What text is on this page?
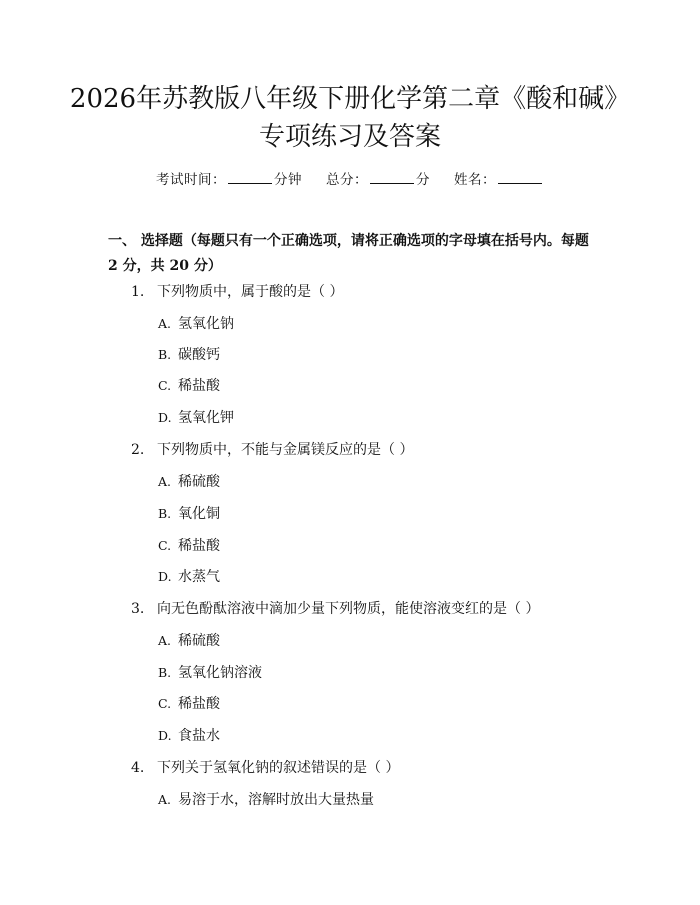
2026年苏教版八年级下册化学第二章《酸和碱》专项练习及答案
考试时间：	分钟 总分：	分 姓名：

一、 选择题（每题只有一个正确选项，请将正确选项的字母填在括号内。每题 2 分，共 20 分）

1. 下列物质中，属于酸的是（ ）
A. 氢氧化钠
B. 碳酸钙
C. 稀盐酸
D. 氢氧化钾
2. 下列物质中，不能与金属镁反应的是（ ）
A. 稀硫酸
B. 氧化铜
C. 稀盐酸
D. 水蒸气
3. 向无色酚酞溶液中滴加少量下列物质，能使溶液变红的是（ ）
A. 稀硫酸
B. 氢氧化钠溶液
C. 稀盐酸
D. 食盐水
4. 下列关于氢氧化钠的叙述错误的是（ ）
A. 易溶于水，溶解时放出大量热量
